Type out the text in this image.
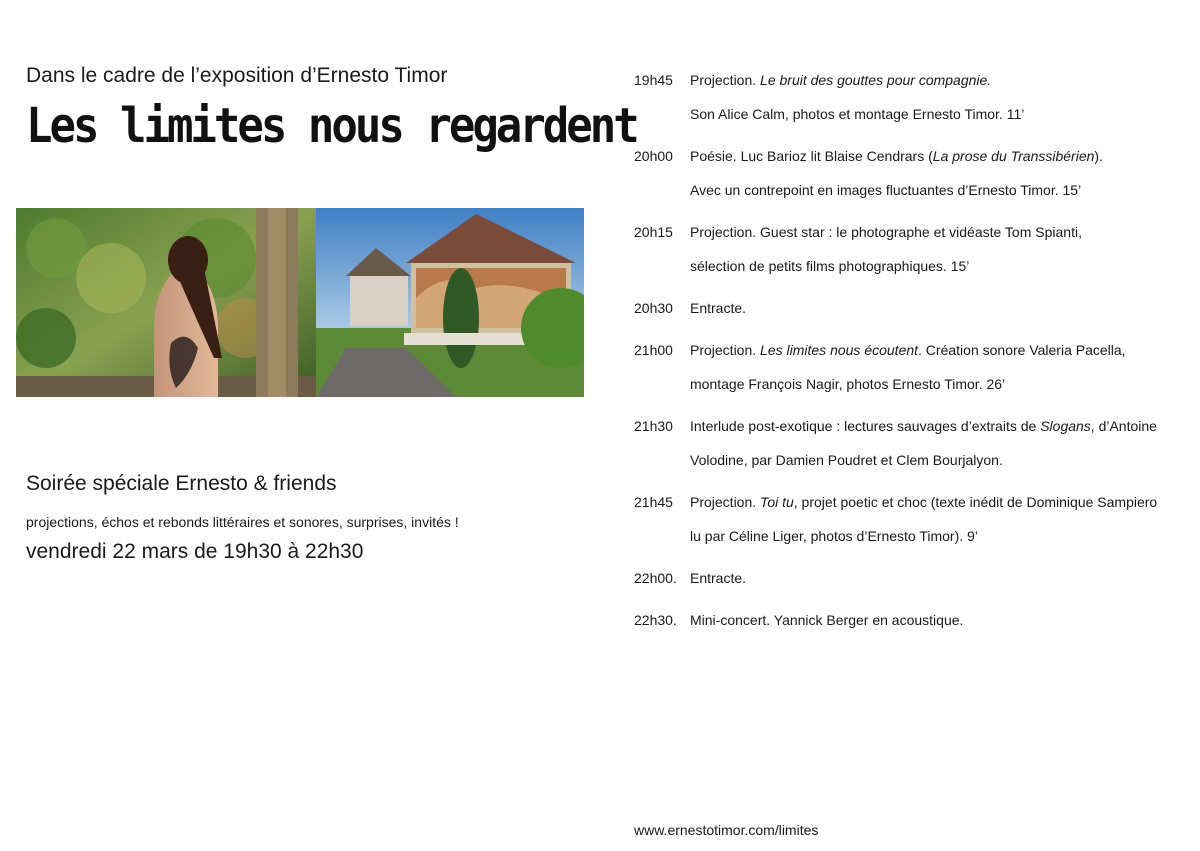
Dans le cadre de l’exposition d’Ernesto Timor
Les limites nous regardent
Soirée spéciale Ernesto & friends
projections, échos et rebonds littéraires et sonores, surprises, invités !
vendredi 22 mars de 19h30 à 22h30
19h45	Projection. Le bruit des gouttes pour compagnie.
Son Alice Calm, photos et montage Ernesto Timor. 11’
20h00	Poésie. Luc Barioz lit Blaise Cendrars (La prose du Transsibérien).
Avec un contrepoint en images fluctuantes d’Ernesto Timor. 15’
20h15	Projection. Guest star : le photographe et vidéaste Tom Spianti,
sélection de petits films photographiques. 15’
20h30	Entracte.
21h00	Projection. Les limites nous écoutent. Création sonore Valeria Pacella,
montage François Nagir, photos Ernesto Timor. 26’
21h30	Interlude post-exotique : lectures sauvages d’extraits de Slogans, d’Antoine
Volodine, par Damien Poudret et Clem Bourjalyon.
21h45	Projection. Toi tu, projet poetic et choc (texte inédit de Dominique Sampiero
lu par Céline Liger, photos d’Ernesto Timor). 9’
22h00. Entracte.
22h30. Mini-concert. Yannick Berger en acoustique.
www.ernestotimor.com/limites
